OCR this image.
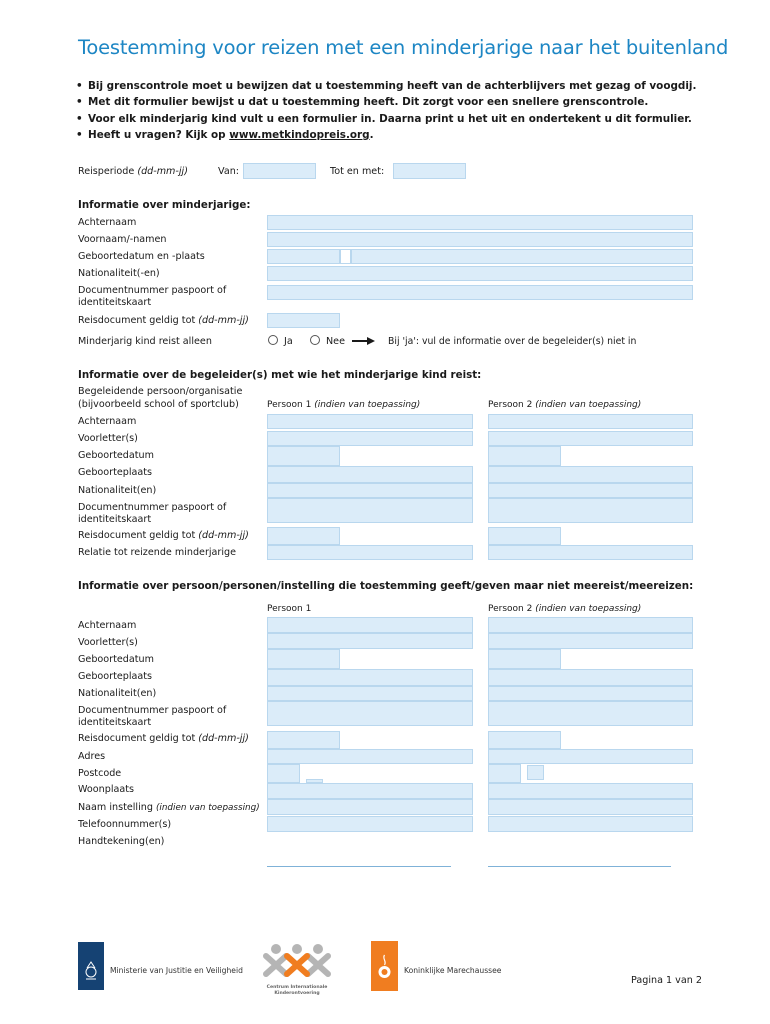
Toestemming voor reizen met een minderjarige naar het buitenland
• Bij grenscontrole moet u bewijzen dat u toestemming heeft van de achterblijvers met gezag of voogdij.
• Met dit formulier bewijst u dat u toestemming heeft. Dit zorgt voor een snellere grenscontrole.
• Voor elk minderjarig kind vult u een formulier in. Daarna print u het uit en ondertekent u dit formulier.
• Heeft u vragen? Kijk op www.metkindopreis.org.
Reisperiode (dd-mm-jj)	Van:	Tot en met:
Informatie over minderjarige:
Achternaam
Voornaam/-namen
Geboortedatum en -plaats
Nationaliteit(-en)
Documentnummer paspoort of
identiteitskaart
Reisdocument geldig tot (dd-mm-jj)
Minderjarig kind reist alleen	Ja	Nee	Bij 'ja': vul de informatie over de begeleider(s) niet in
Informatie over de begeleider(s) met wie het minderjarige kind reist:
Begeleidende persoon/organisatie
(bijvoorbeeld school of sportclub)	Persoon 1 (indien van toepassing)	Persoon 2 (indien van toepassing)
Achternaam
Voorletter(s)
Geboortedatum
Geboorteplaats
Nationaliteit(en)
Documentnummer paspoort of
identiteitskaart
Reisdocument geldig tot (dd-mm-jj)
Relatie tot reizende minderjarige
Informatie over persoon/personen/instelling die toestemming geeft/geven maar niet meereist/meereizen:
Persoon 1	Persoon 2 (indien van toepassing)
Achternaam
Voorletter(s)
Geboortedatum
Geboorteplaats
Nationaliteit(en)
Documentnummer paspoort of
identiteitskaart
Reisdocument geldig tot (dd-mm-jj)
Adres
Postcode
Woonplaats
Naam instelling (indien van toepassing)
Telefoonnummer(s)
Handtekening(en)
Ministerie van Justitie en Veiligheid
Centrum Internationale
Kinderontvoering
Koninklijke Marechaussee
Pagina 1 van 2
